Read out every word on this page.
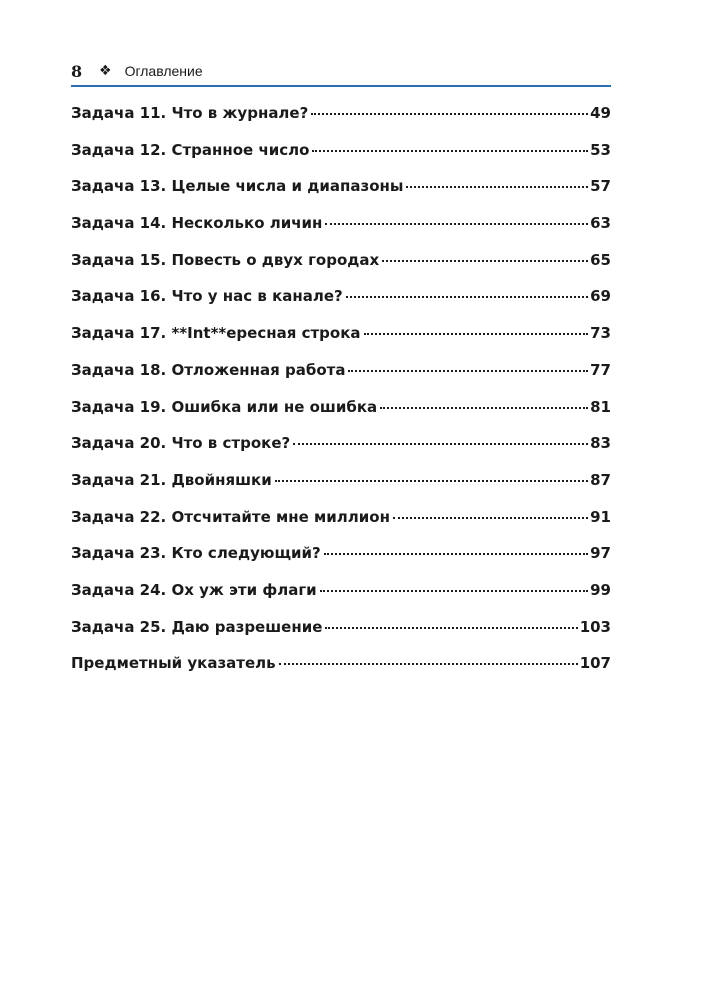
8	❖ Оглавление
Задача 11. Что в журнале?	49
Задача 12. Странное число	53
Задача 13. Целые числа и диапазоны	57
Задача 14. Несколько личин	63
Задача 15. Повесть о двух городах	65
Задача 16. Что у нас в канале?	69
Задача 17. **Int**ересная строка	73
Задача 18. Отложенная работа	77
Задача 19. Ошибка или не ошибка	81
Задача 20. Что в строке?	83
Задача 21. Двойняшки	87
Задача 22. Отсчитайте мне миллион	91
Задача 23. Кто следующий?	97
Задача 24. Ох уж эти флаги	99
Задача 25. Даю разрешение	103
Предметный указатель	107
